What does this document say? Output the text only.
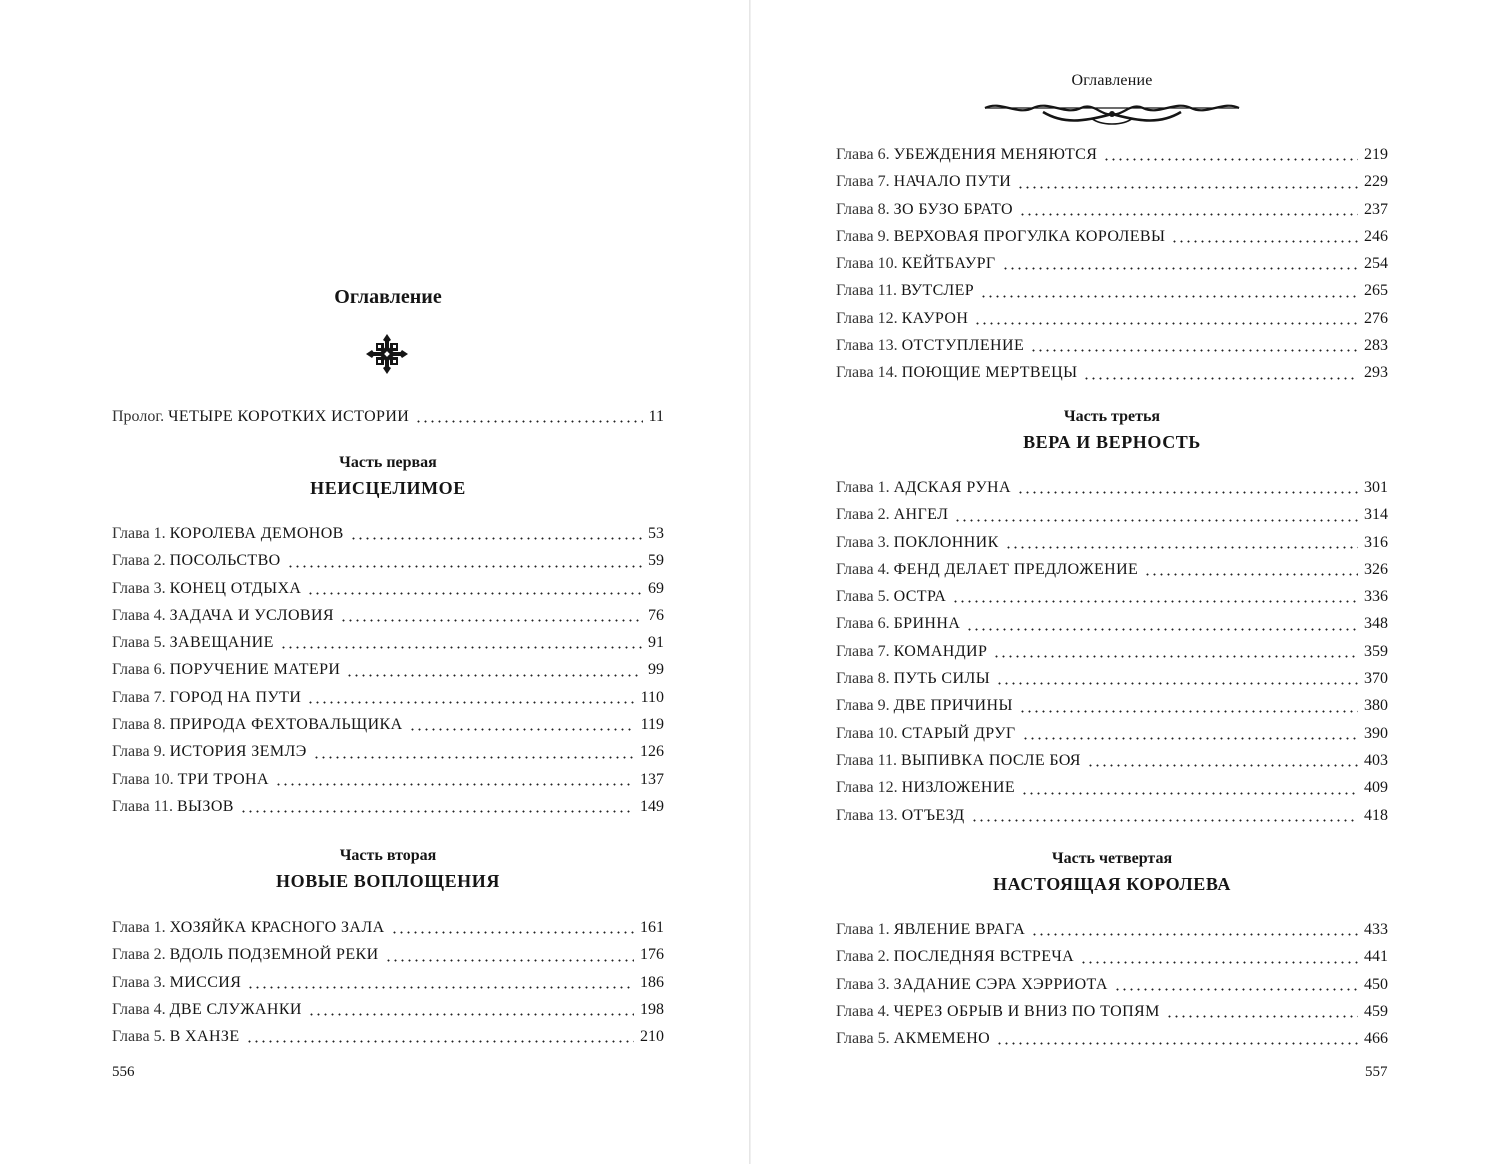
Оглавление
Пролог. ЧЕТЫРЕ КОРОТКИХ ИСТОРИИ	11
Часть первая
НЕИСЦЕЛИМОЕ
Глава 1. КОРОЛЕВА ДЕМОНОВ	53
Глава 2. ПОСОЛЬСТВО	59
Глава 3. КОНЕЦ ОТДЫХА	69
Глава 4. ЗАДАЧА И УСЛОВИЯ	76
Глава 5. ЗАВЕЩАНИЕ	91
Глава 6. ПОРУЧЕНИЕ МАТЕРИ	99
Глава 7. ГОРОД НА ПУТИ	110
Глава 8. ПРИРОДА ФЕХТОВАЛЬЩИКА	119
Глава 9. ИСТОРИЯ ЗЕМЛЭ	126
Глава 10. ТРИ ТРОНА	137
Глава 11. ВЫЗОВ	149
Часть вторая
НОВЫЕ ВОПЛОЩЕНИЯ
Глава 1. ХОЗЯЙКА КРАСНОГО ЗАЛА	161
Глава 2. ВДОЛЬ ПОДЗЕМНОЙ РЕКИ	176
Глава 3. МИССИЯ	186
Глава 4. ДВЕ СЛУЖАНКИ	198
Глава 5. В ХАНЗЕ	210
556
Оглавление
Глава 6. УБЕЖДЕНИЯ МЕНЯЮТСЯ	219
Глава 7. НАЧАЛО ПУТИ	229
Глава 8. ЗО БУЗО БРАТО	237
Глава 9. ВЕРХОВАЯ ПРОГУЛКА КОРОЛЕВЫ	246
Глава 10. КЕЙТБАУРГ	254
Глава 11. ВУТСЛЕР	265
Глава 12. КАУРОН	276
Глава 13. ОТСТУПЛЕНИЕ	283
Глава 14. ПОЮЩИЕ МЕРТВЕЦЫ	293
Часть третья
ВЕРА И ВЕРНОСТЬ
Глава 1. АДСКАЯ РУНА	301
Глава 2. АНГЕЛ	314
Глава 3. ПОКЛОННИК	316
Глава 4. ФЕНД ДЕЛАЕТ ПРЕДЛОЖЕНИЕ	326
Глава 5. ОСТРА	336
Глава 6. БРИННА	348
Глава 7. КОМАНДИР	359
Глава 8. ПУТЬ СИЛЫ	370
Глава 9. ДВЕ ПРИЧИНЫ	380
Глава 10. СТАРЫЙ ДРУГ	390
Глава 11. ВЫПИВКА ПОСЛЕ БОЯ	403
Глава 12. НИЗЛОЖЕНИЕ	409
Глава 13. ОТЪЕЗД	418
Часть четвертая
НАСТОЯЩАЯ КОРОЛЕВА
Глава 1. ЯВЛЕНИЕ ВРАГА	433
Глава 2. ПОСЛЕДНЯЯ ВСТРЕЧА	441
Глава 3. ЗАДАНИЕ СЭРА ХЭРРИОТА	450
Глава 4. ЧЕРЕЗ ОБРЫВ И ВНИЗ ПО ТОПЯМ	459
Глава 5. АКМЕМЕНО	466
557
